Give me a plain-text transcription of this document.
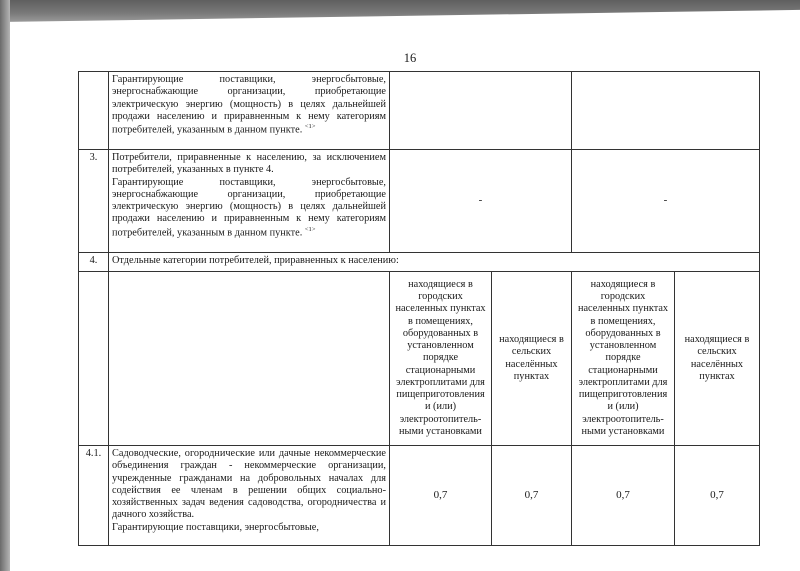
16
	Гарантирующие поставщики, энергосбытовые, энергоснабжающие организации, приобретающие электрическую энергию (мощность) в целях дальнейшей продажи населению и приравненным к нему категориям потребителей, указанным в данном пункте. $^{<1>}$		
3.	Потребители, приравненные к населению, за исключением потребителей, указанных в пункте 4.
Гарантирующие поставщики, энергосбытовые, энергоснабжающие организации, приобретающие электрическую энергию (мощность) в целях дальнейшей продажи населению и приравненным к нему категориям потребителей, указанным в данном пункте. $^{<1>}$	-		-	
4.	Отдельные категории потребителей, приравненных к населению:				
		находящиеся в городских населенных пунктах в помещениях, оборудованных в установленном порядке стационарными электроплитами для пищеприготовления и (или) электроотопитель-ными установками	находящиеся в сельских населённых пунктах	находящиеся в городских населенных пунктах в помещениях, оборудованных в установленном порядке стационарными электроплитами для пищеприготовления и (или) электроотопитель-ными установками	находящиеся в сельских населённых пунктах
4.1.	Садоводческие, огороднические или дачные некоммерческие объединения граждан - некоммерческие организации, учрежденные гражданами на добровольных началах для содействия ее членам в решении общих социально-хозяйственных задач ведения садоводства, огородничества и дачного хозяйства.
Гарантирующие поставщики, энергосбытовые,	0,7	0,7	0,7	0,7
